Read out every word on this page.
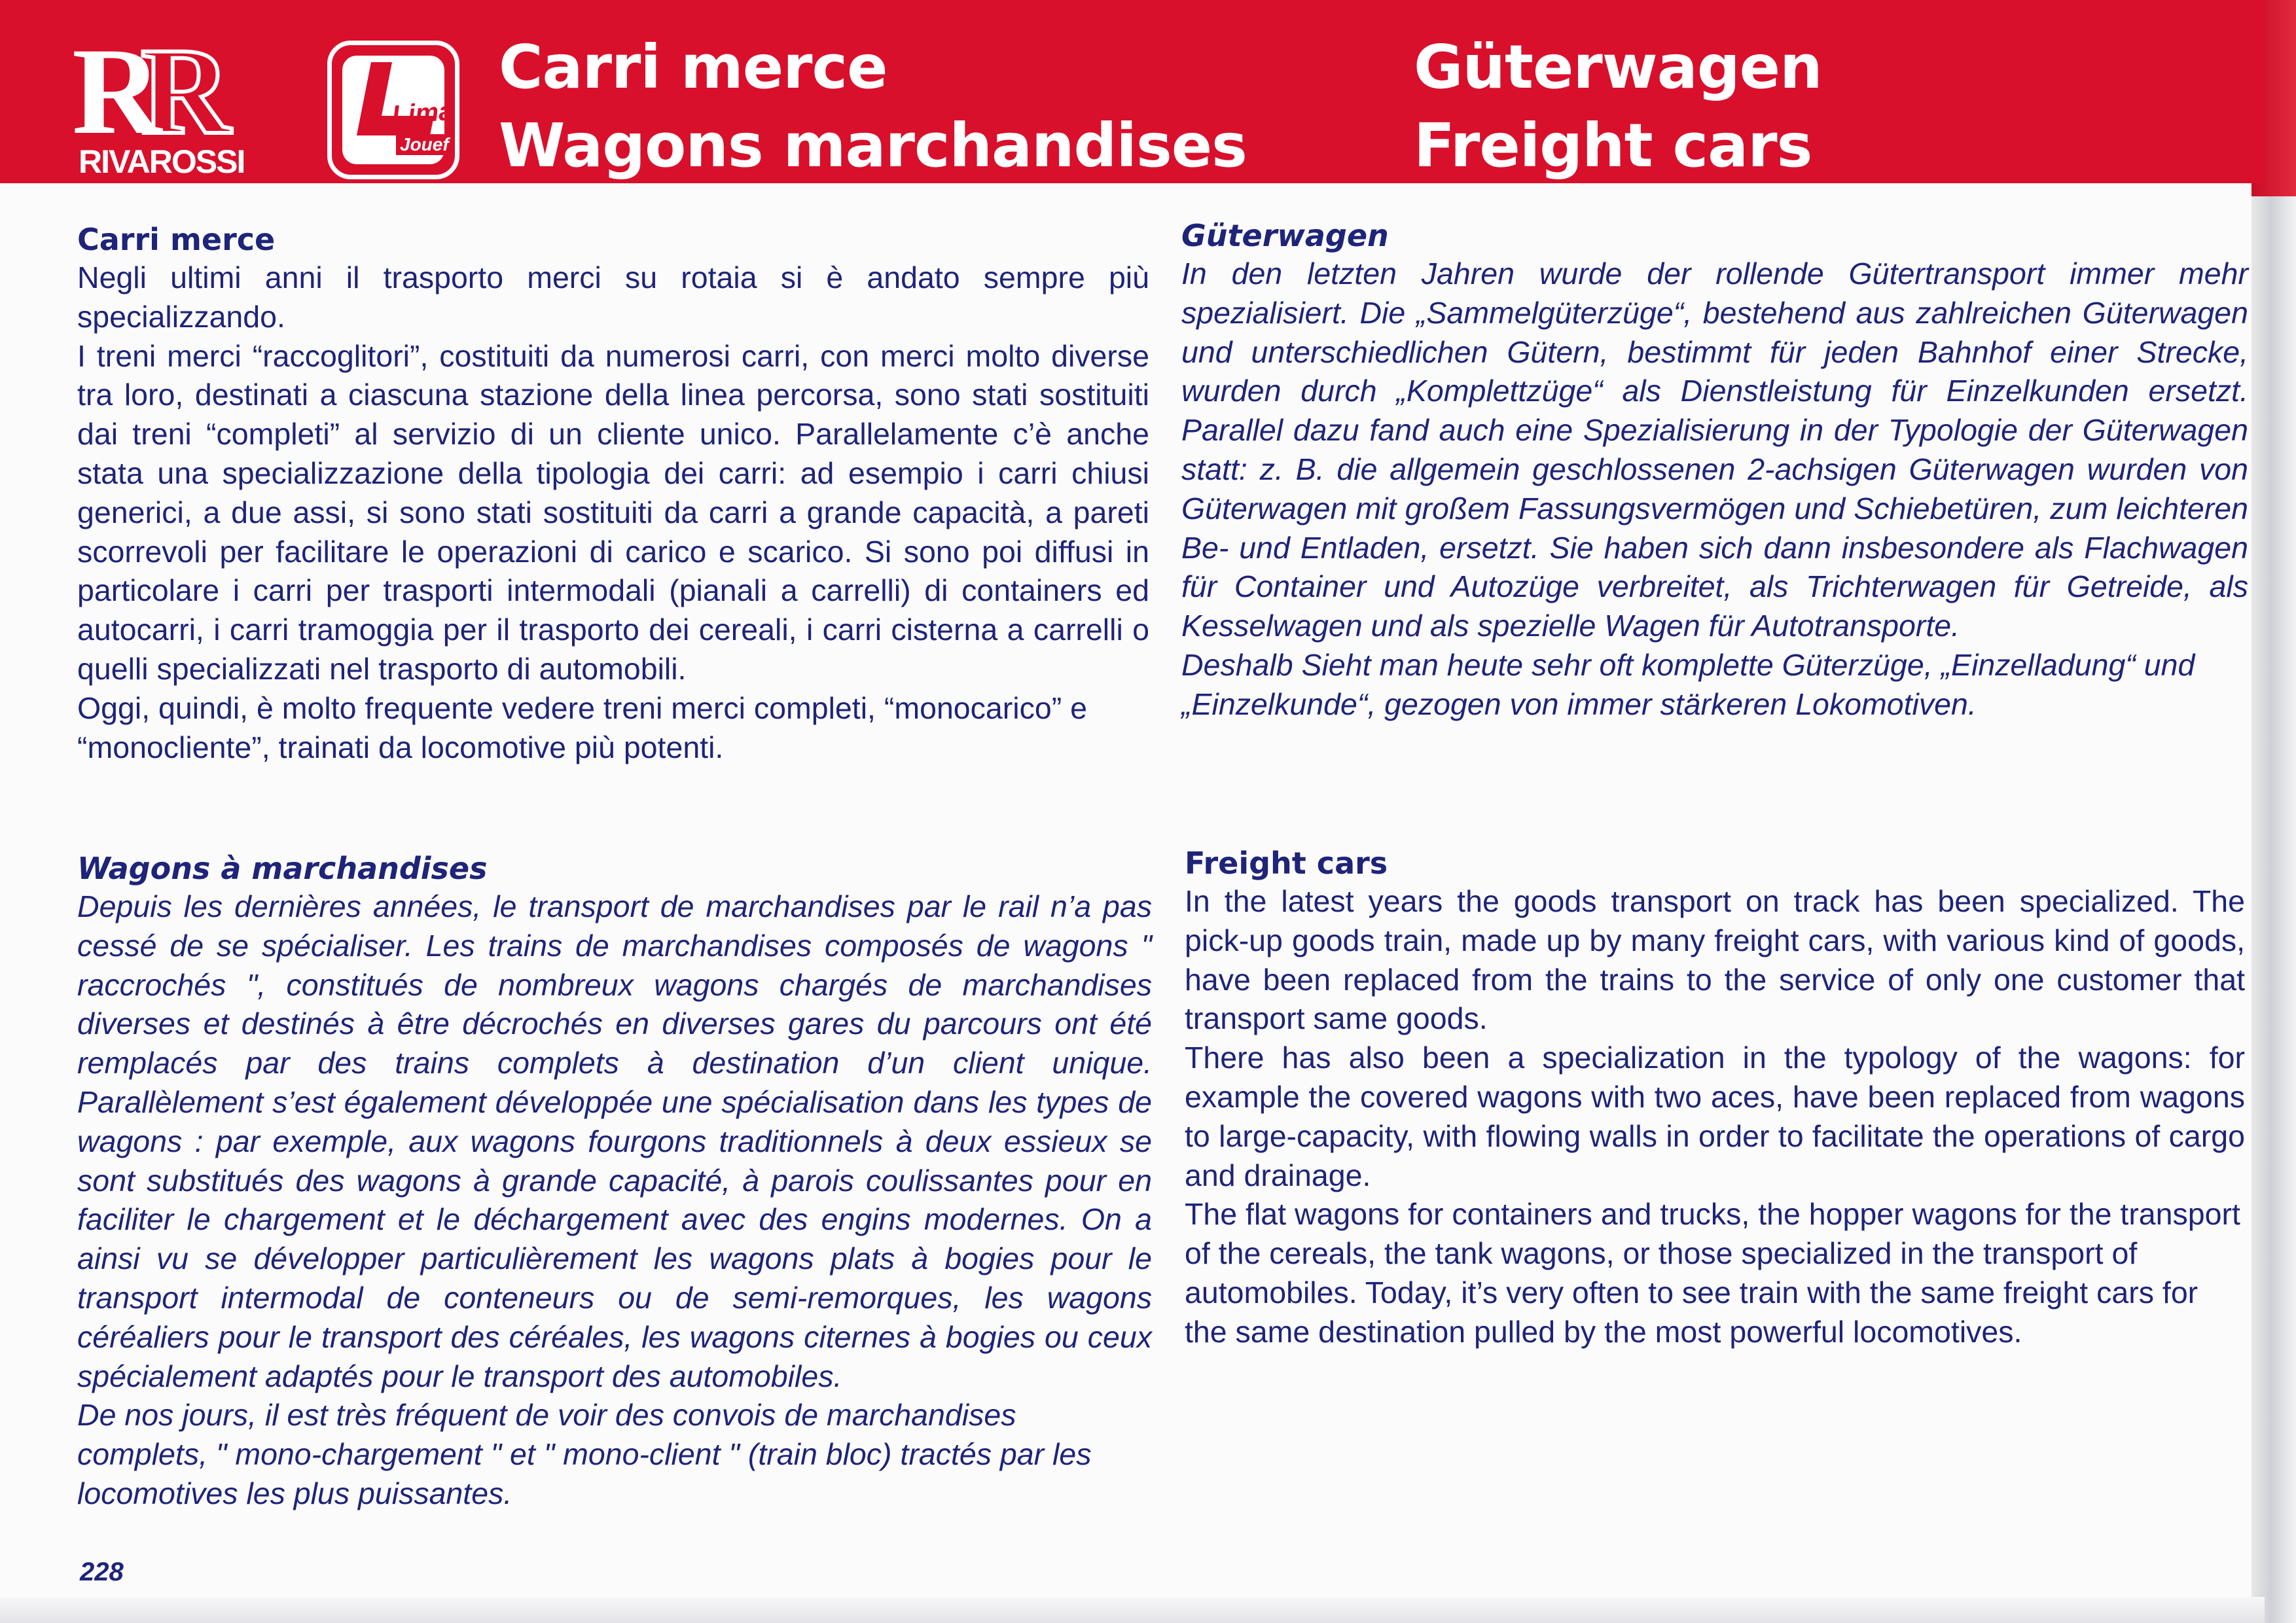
RR
RIVAROSSI
Lima
Jouef
Carri merce
Wagons marchandises
Güterwagen
Freight cars
Carri merce

Negli ultimi anni il trasporto merci su rotaia si è andato sempre più specializzando.

I treni merci “raccoglitori”, costituiti da numerosi carri, con merci molto diverse tra loro, destinati a ciascuna stazione della linea percorsa, sono stati sostituiti dai treni “completi” al servizio di un cliente unico. Parallelamente c’è anche stata una specializzazione della tipologia dei carri: ad esempio i carri chiusi generici, a due assi, si sono stati sostituiti da carri a grande capacità, a pareti scorrevoli per facilitare le operazioni di carico e scarico. Si sono poi diffusi in particolare i carri per trasporti intermodali (pianali a carrelli) di containers ed autocarri, i carri tramoggia per il trasporto dei cereali, i carri cisterna a carrelli o quelli specializzati nel trasporto di automobili.

Oggi, quindi, è molto frequente vedere treni merci completi, “monocarico” e “monocliente”, trainati da locomotive più potenti.

Wagons à marchandises

Depuis les dernières années, le transport de marchandises par le rail n’a pas cessé de se spécialiser. Les trains de marchandises composés de wagons " raccrochés ", constitués de nombreux wagons chargés de marchandises diverses et destinés à être décrochés en diverses gares du parcours ont été remplacés par des trains complets à destination d’un client unique. Parallèlement s’est également développée une spécialisation dans les types de wagons : par exemple, aux wagons fourgons traditionnels à deux essieux se sont substitués des wagons à grande capacité, à parois coulissantes pour en faciliter le chargement et le déchargement avec des engins modernes. On a ainsi vu se développer particulièrement les wagons plats à bogies pour le transport intermodal de conteneurs ou de semi-remorques, les wagons céréaliers pour le transport des céréales, les wagons citernes à bogies ou ceux spécialement adaptés pour le transport des automobiles.

De nos jours, il est très fréquent de voir des convois de marchandises complets, " mono-chargement " et " mono-client " (train bloc) tractés par les locomotives les plus puissantes.

Güterwagen

In den letzten Jahren wurde der rollende Gütertransport immer mehr spezialisiert. Die „Sammelgüterzüge“, bestehend aus zahlreichen Güterwagen und unterschiedlichen Gütern, bestimmt für jeden Bahnhof einer Strecke, wurden durch „Komplettzüge“ als Dienstleistung für Einzelkunden ersetzt. Parallel dazu fand auch eine Spezialisierung in der Typologie der Güterwagen statt: z. B. die allgemein geschlossenen 2-achsigen Güterwagen wurden von Güterwagen mit großem Fassungsvermögen und Schiebetüren, zum leichteren Be- und Entladen, ersetzt. Sie haben sich dann insbesondere als Flachwagen für Container und Autozüge verbreitet, als Trichterwagen für Getreide, als Kesselwagen und als spezielle Wagen für Autotransporte.

Deshalb Sieht man heute sehr oft komplette Güterzüge, „Einzelladung“ und „Einzelkunde“, gezogen von immer stärkeren Lokomotiven.

Freight cars

In the latest years the goods transport on track has been specialized. The pick-up goods train, made up by many freight cars, with various kind of goods, have been replaced from the trains to the service of only one customer that transport same goods.

There has also been a specialization in the typology of the wagons: for example the covered wagons with two aces, have been replaced from wagons to large-capacity, with flowing walls in order to facilitate the operations of cargo and drainage.

The flat wagons for containers and trucks, the hopper wagons for the transport of the cereals, the tank wagons, or those specialized in the transport of automobiles. Today, it’s very often to see train with the same freight cars for the same destination pulled by the most powerful locomotives.

228
